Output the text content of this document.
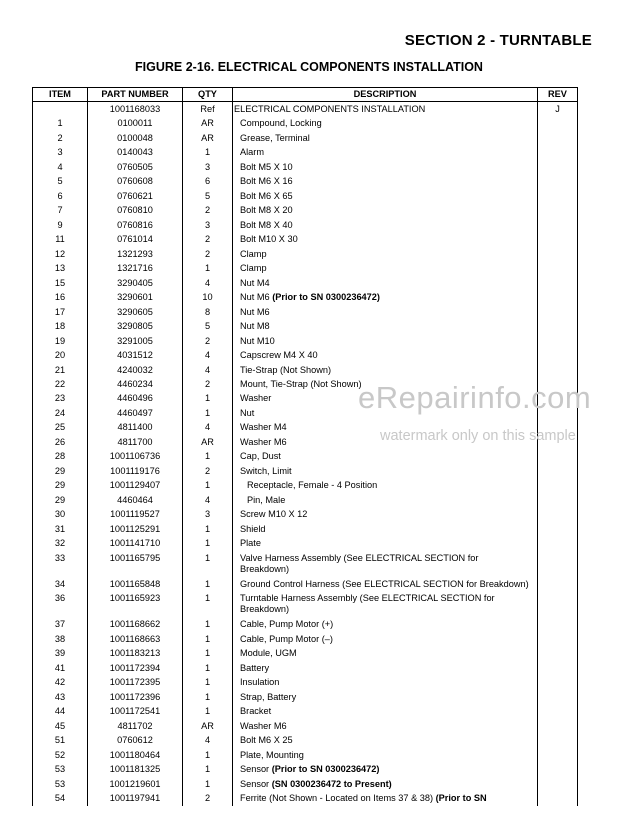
SECTION 2 - TURNTABLE
FIGURE 2-16. ELECTRICAL COMPONENTS INSTALLATION
ITEM	PART NUMBER	QTY	DESCRIPTION	REV
	1001168033	Ref	ELECTRICAL COMPONENTS INSTALLATION	J
1	0100011	AR	Compound, Locking	
2	0100048	AR	Grease, Terminal	
3	0140043	1	Alarm	
4	0760505	3	Bolt M5 X 10	
5	0760608	6	Bolt M6 X 16	
6	0760621	5	Bolt M6 X 65	
7	0760810	2	Bolt M8 X 20	
9	0760816	3	Bolt M8 X 40	
11	0761014	2	Bolt M10 X 30	
12	1321293	2	Clamp	
13	1321716	1	Clamp	
15	3290405	4	Nut M4	
16	3290601	10	Nut M6 (Prior to SN 0300236472)	
17	3290605	8	Nut M6	
18	3290805	5	Nut M8	
19	3291005	2	Nut M10	
20	4031512	4	Capscrew M4 X 40	
21	4240032	4	Tie-Strap (Not Shown)	
22	4460234	2	Mount, Tie-Strap (Not Shown)	
23	4460496	1	Washer	
24	4460497	1	Nut	
25	4811400	4	Washer M4	
26	4811700	AR	Washer M6	
28	1001106736	1	Cap, Dust	
29	1001119176	2	Switch, Limit	
29	1001129407	1	Receptacle, Female - 4 Position	
29	4460464	4	Pin, Male	
30	1001119527	3	Screw M10 X 12	
31	1001125291	1	Shield	
32	1001141710	1	Plate	
33	1001165795	1	Valve Harness Assembly (See ELECTRICAL SECTION for Breakdown)	
34	1001165848	1	Ground Control Harness (See ELECTRICAL SECTION for Breakdown)	
36	1001165923	1	Turntable Harness Assembly (See ELECTRICAL SECTION for Breakdown)	
37	1001168662	1	Cable, Pump Motor (+)	
38	1001168663	1	Cable, Pump Motor (–)	
39	1001183213	1	Module, UGM	
41	1001172394	1	Battery	
42	1001172395	1	Insulation	
43	1001172396	1	Strap, Battery	
44	1001172541	1	Bracket	
45	4811702	AR	Washer M6	
51	0760612	4	Bolt M6 X 25	
52	1001180464	1	Plate, Mounting	
53	1001181325	1	Sensor (Prior to SN 0300236472)	
53	1001219601	1	Sensor (SN 0300236472 to Present)	
54	1001197941	2	Ferrite (Not Shown - Located on Items 37 & 38) (Prior to SN	
eRepairinfo.com
watermark only on this sample
